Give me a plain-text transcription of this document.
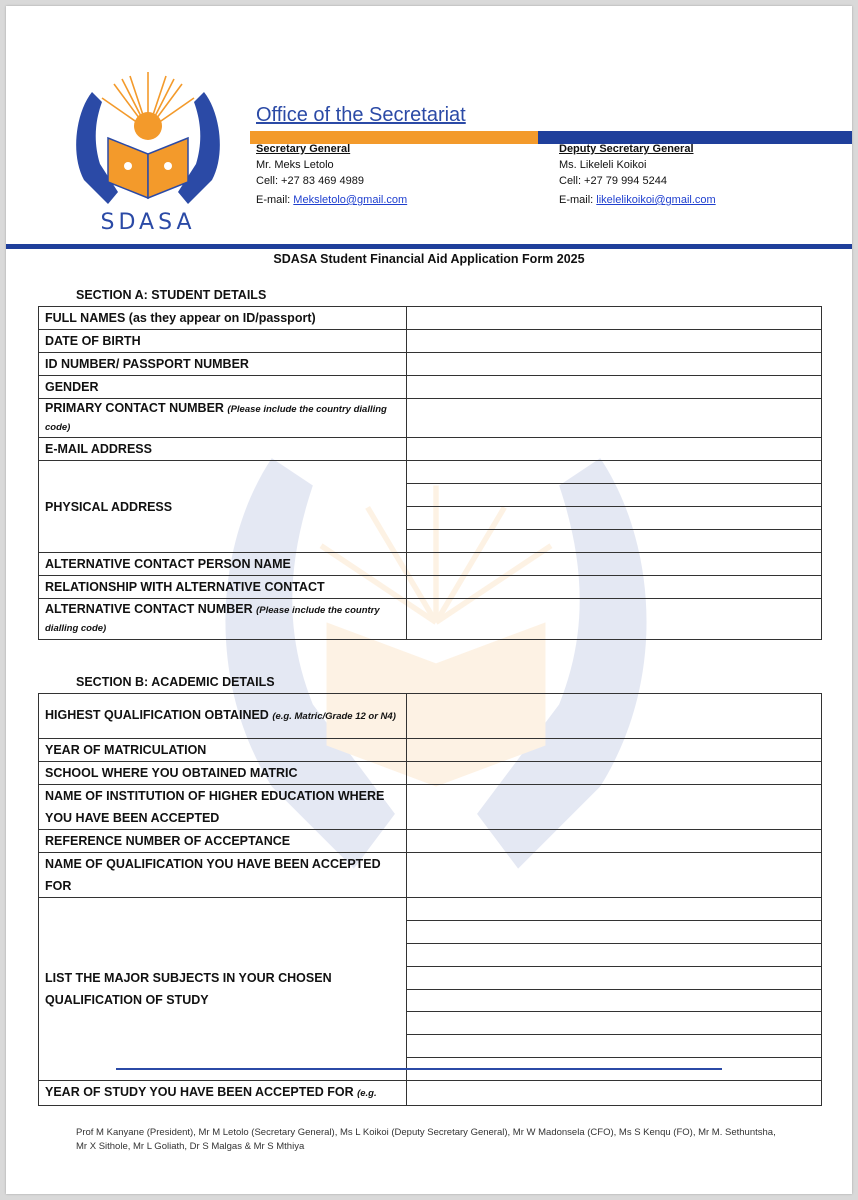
SDASA
Office of the Secretariat
Secretary General
Mr. Meks Letolo
Cell: +27 83 469 4989
E-mail: Meksletolo@gmail.com
Deputy Secretary General
Ms. Likeleli Koikoi
Cell: +27 79 994 5244
E-mail: likelelikoikoi@gmail.com
SDASA Student Financial Aid Application Form 2025
SECTION A: STUDENT DETAILS
FULL NAMES (as they appear on ID/passport)	
DATE OF BIRTH	
ID NUMBER/ PASSPORT NUMBER	
GENDER	
PRIMARY CONTACT NUMBER (Please include the country dialling code)	
E-MAIL ADDRESS	
PHYSICAL ADDRESS	

ALTERNATIVE CONTACT PERSON NAME	
RELATIONSHIP WITH ALTERNATIVE CONTACT	
ALTERNATIVE CONTACT NUMBER (Please include the country dialling code)	
SECTION B: ACADEMIC DETAILS
HIGHEST QUALIFICATION OBTAINED (e.g. Matric/Grade 12 or N4)	
YEAR OF MATRICULATION	
SCHOOL WHERE YOU OBTAINED MATRIC	
NAME OF INSTITUTION OF HIGHER EDUCATION WHERE YOU HAVE BEEN ACCEPTED	
REFERENCE NUMBER OF ACCEPTANCE	
NAME OF QUALIFICATION YOU HAVE BEEN ACCEPTED FOR	
LIST THE MAJOR SUBJECTS IN YOUR CHOSEN QUALIFICATION OF STUDY	

YEAR OF STUDY YOU HAVE BEEN ACCEPTED FOR (e.g.	
Prof M Kanyane (President), Mr M Letolo (Secretary General), Ms L Koikoi (Deputy Secretary General), Mr W Madonsela (CFO), Ms S Kenqu (FO), Mr M. Sethuntsha, Mr X Sithole, Mr L Goliath, Dr S Malgas & Mr S Mthiya
